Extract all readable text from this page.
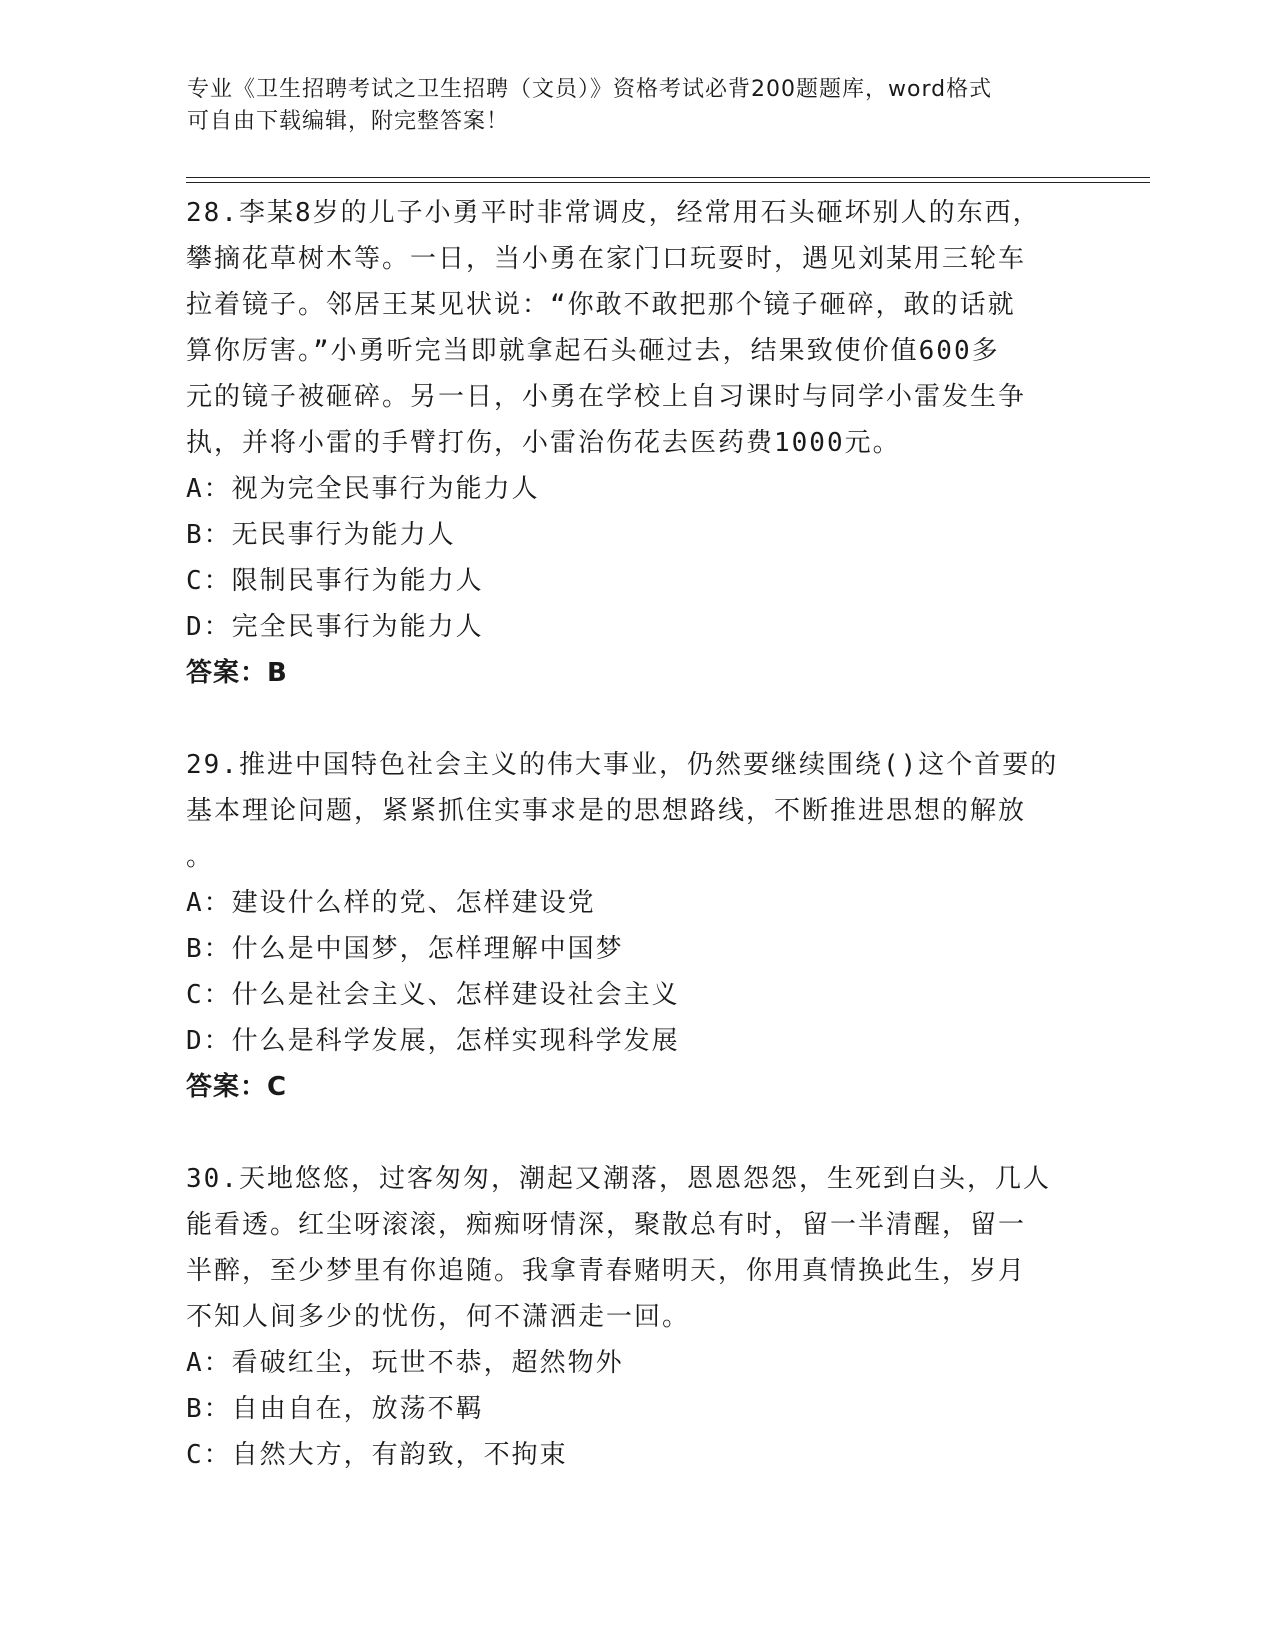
专业《卫生招聘考试之卫生招聘（文员）》资格考试必背200题题库，word格式
可自由下载编辑，附完整答案！
28.李某8岁的儿子小勇平时非常调皮，经常用石头砸坏别人的东西，
攀摘花草树木等。一日，当小勇在家门口玩耍时，遇见刘某用三轮车
拉着镜子。邻居王某见状说：“你敢不敢把那个镜子砸碎，敢的话就
算你厉害。”小勇听完当即就拿起石头砸过去，结果致使价值600多
元的镜子被砸碎。另一日，小勇在学校上自习课时与同学小雷发生争
执，并将小雷的手臂打伤，小雷治伤花去医药费1000元。
A：视为完全民事行为能力人
B：无民事行为能力人
C：限制民事行为能力人
D：完全民事行为能力人
答案：B
29.推进中国特色社会主义的伟大事业，仍然要继续围绕()这个首要的
基本理论问题，紧紧抓住实事求是的思想路线，不断推进思想的解放
。
A：建设什么样的党、怎样建设党
B：什么是中国梦，怎样理解中国梦
C：什么是社会主义、怎样建设社会主义
D：什么是科学发展，怎样实现科学发展
答案：C
30.天地悠悠，过客匆匆，潮起又潮落，恩恩怨怨，生死到白头，几人
能看透。红尘呀滚滚，痴痴呀情深，聚散总有时，留一半清醒，留一
半醉，至少梦里有你追随。我拿青春赌明天，你用真情换此生，岁月
不知人间多少的忧伤，何不潇洒走一回。
A：看破红尘，玩世不恭，超然物外
B：自由自在，放荡不羁
C：自然大方，有韵致，不拘束
